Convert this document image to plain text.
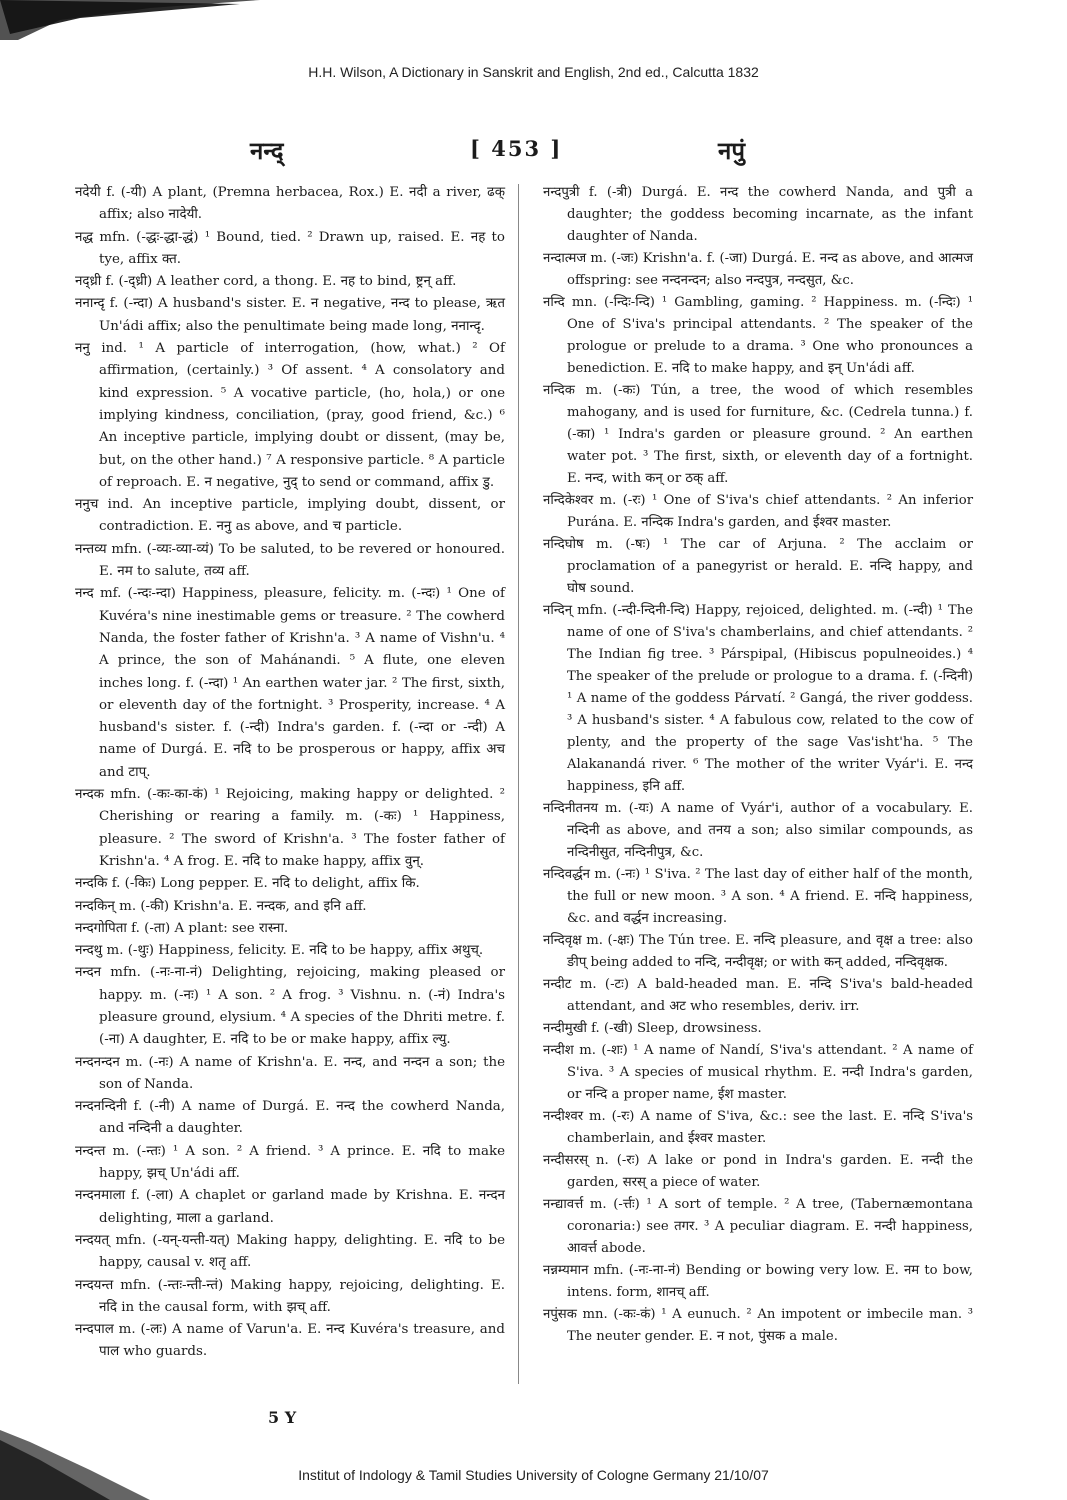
H.H. Wilson, A Dictionary in Sanskrit and English, 2nd ed., Calcutta 1832
नन्द्	[ 453 ]	नपुं

नदेयी f. (-यी) A plant, (Premna herbacea, Rox.) E. नदी a river, ढक् affix; also नादेयी.

नद्ध mfn. (-द्धः-द्धा-द्धं) ¹ Bound, tied. ² Drawn up, raised. E. नह to tye, affix क्त.

नद्ध्री f. (-द्ध्री) A leather cord, a thong. E. नह to bind, ष्ट्रन् aff.

ननान्दृ f. (-न्दा) A husband's sister. E. न negative, नन्द to please, ऋत Un'ádi affix; also the penultimate being made long, ननान्दृ.

ननु ind. ¹ A particle of interrogation, (how, what.) ² Of affirmation, (certainly.) ³ Of assent. ⁴ A consolatory and kind expression. ⁵ A vocative particle, (ho, hola,) or one implying kindness, conciliation, (pray, good friend, &c.) ⁶ An inceptive particle, implying doubt or dissent, (may be, but, on the other hand.) ⁷ A responsive particle. ⁸ A particle of reproach. E. न negative, नुद् to send or command, affix डु.

ननुच ind. An inceptive particle, implying doubt, dissent, or contradiction. E. ननु as above, and च particle.

नन्तव्य mfn. (-व्यः-व्या-व्यं) To be saluted, to be revered or honoured. E. नम to salute, तव्य aff.

नन्द mf. (-न्दः-न्दा) Happiness, pleasure, felicity. m. (-न्दः) ¹ One of Kuvéra's nine inestimable gems or treasure. ² The cowherd Nanda, the foster father of Krishn'a. ³ A name of Vishn'u. ⁴ A prince, the son of Mahánandi. ⁵ A flute, one eleven inches long. f. (-न्दा) ¹ An earthen water jar. ² The first, sixth, or eleventh day of the fortnight. ³ Prosperity, increase. ⁴ A husband's sister. f. (-न्दी) Indra's garden. f. (-न्दा or -न्दी) A name of Durgá. E. नदि to be prosperous or happy, affix अच and टाप्.

नन्दक mfn. (-कः-का-कं) ¹ Rejoicing, making happy or delighted. ² Cherishing or rearing a family. m. (-कः) ¹ Happiness, pleasure. ² The sword of Krishn'a. ³ The foster father of Krishn'a. ⁴ A frog. E. नदि to make happy, affix वुन्.

नन्दकि f. (-किः) Long pepper. E. नदि to delight, affix कि.

नन्दकिन् m. (-की) Krishn'a. E. नन्दक, and इनि aff.

नन्दगोपिता f. (-ता) A plant: see रास्ना.

नन्दथु m. (-थुः) Happiness, felicity. E. नदि to be happy, affix अथुच्.

नन्दन mfn. (-नः-ना-नं) Delighting, rejoicing, making pleased or happy. m. (-नः) ¹ A son. ² A frog. ³ Vishnu. n. (-नं) Indra's pleasure ground, elysium. ⁴ A species of the Dhriti metre. f. (-ना) A daughter, E. नदि to be or make happy, affix ल्यु.

नन्दनन्दन m. (-नः) A name of Krishn'a. E. नन्द, and नन्दन a son; the son of Nanda.

नन्दनन्दिनी f. (-नी) A name of Durgá. E. नन्द the cowherd Nanda, and नन्दिनी a daughter.

नन्दन्त m. (-न्तः) ¹ A son. ² A friend. ³ A prince. E. नदि to make happy, झच् Un'ádi aff.

नन्दनमाला f. (-ला) A chaplet or garland made by Krishna. E. नन्दन delighting, माला a garland.

नन्दयत् mfn. (-यन्-यन्ती-यत्) Making happy, delighting. E. नदि to be happy, causal v. शतृ aff.

नन्दयन्त mfn. (-न्तः-न्ती-न्तं) Making happy, rejoicing, delighting. E. नदि in the causal form, with झच् aff.

नन्दपाल m. (-लः) A name of Varun'a. E. नन्द Kuvéra's treasure, and पाल who guards.

नन्दपुत्री f. (-त्री) Durgá. E. नन्द the cowherd Nanda, and पुत्री a daughter; the goddess becoming incarnate, as the infant daughter of Nanda.

नन्दात्मज m. (-जः) Krishn'a. f. (-जा) Durgá. E. नन्द as above, and आत्मज offspring: see नन्दनन्दन; also नन्दपुत्र, नन्दसुत, &c.

नन्दि mn. (-न्दिः-न्दि) ¹ Gambling, gaming. ² Happiness. m. (-न्दिः) ¹ One of S'iva's principal attendants. ² The speaker of the prologue or prelude to a drama. ³ One who pronounces a benediction. E. नदि to make happy, and इन् Un'ádi aff.

नन्दिक m. (-कः) Tún, a tree, the wood of which resembles mahogany, and is used for furniture, &c. (Cedrela tunna.) f. (-का) ¹ Indra's garden or pleasure ground. ² An earthen water pot. ³ The first, sixth, or eleventh day of a fortnight. E. नन्द, with कन् or ठक् aff.

नन्दिकेश्वर m. (-रः) ¹ One of S'iva's chief attendants. ² An inferior Purána. E. नन्दिक Indra's garden, and ईश्वर master.

नन्दिघोष m. (-षः) ¹ The car of Arjuna. ² The acclaim or proclamation of a panegyrist or herald. E. नन्दि happy, and घोष sound.

नन्दिन् mfn. (-न्दी-न्दिनी-न्दि) Happy, rejoiced, delighted. m. (-न्दी) ¹ The name of one of S'iva's chamberlains, and chief attendants. ² The Indian fig tree. ³ Párspipal, (Hibiscus populneoides.) ⁴ The speaker of the prelude or prologue to a drama. f. (-न्दिनी) ¹ A name of the goddess Párvatí. ² Gangá, the river goddess. ³ A husband's sister. ⁴ A fabulous cow, related to the cow of plenty, and the property of the sage Vas'isht'ha. ⁵ The Alakanandá river. ⁶ The mother of the writer Vyár'i. E. नन्द happiness, इनि aff.

नन्दिनीतनय m. (-यः) A name of Vyár'i, author of a vocabulary. E. नन्दिनी as above, and तनय a son; also similar compounds, as नन्दिनीसुत, नन्दिनीपुत्र, &c.

नन्दिवर्द्धन m. (-नः) ¹ S'iva. ² The last day of either half of the month, the full or new moon. ³ A son. ⁴ A friend. E. नन्दि happiness, &c. and वर्द्धन increasing.

नन्दिवृक्ष m. (-क्षः) The Tún tree. E. नन्दि pleasure, and वृक्ष a tree: also ङीप् being added to नन्दि, नन्दीवृक्ष; or with कन् added, नन्दिवृक्षक.

नन्दीट m. (-टः) A bald-headed man. E. नन्दि S'iva's bald-headed attendant, and अट who resembles, deriv. irr.

नन्दीमुखी f. (-खी) Sleep, drowsiness.

नन्दीश m. (-शः) ¹ A name of Nandí, S'iva's attendant. ² A name of S'iva. ³ A species of musical rhythm. E. नन्दी Indra's garden, or नन्दि a proper name, ईश master.

नन्दीश्वर m. (-रः) A name of S'iva, &c.: see the last. E. नन्दि S'iva's chamberlain, and ईश्वर master.

नन्दीसरस् n. (-रः) A lake or pond in Indra's garden. E. नन्दी the garden, सरस् a piece of water.

नन्द्यावर्त्त m. (-र्त्तः) ¹ A sort of temple. ² A tree, (Tabernæmontana coronaria:) see तगर. ³ A peculiar diagram. E. नन्दी happiness, आवर्त्त abode.

नन्नम्यमान mfn. (-नः-ना-नं) Bending or bowing very low. E. नम to bow, intens. form, शानच् aff.

नपुंसक mn. (-कः-कं) ¹ A eunuch. ² An impotent or imbecile man. ³ The neuter gender. E. न not, पुंसक a male.

5 Y
Institut of Indology & Tamil Studies University of Cologne Germany 21/10/07
